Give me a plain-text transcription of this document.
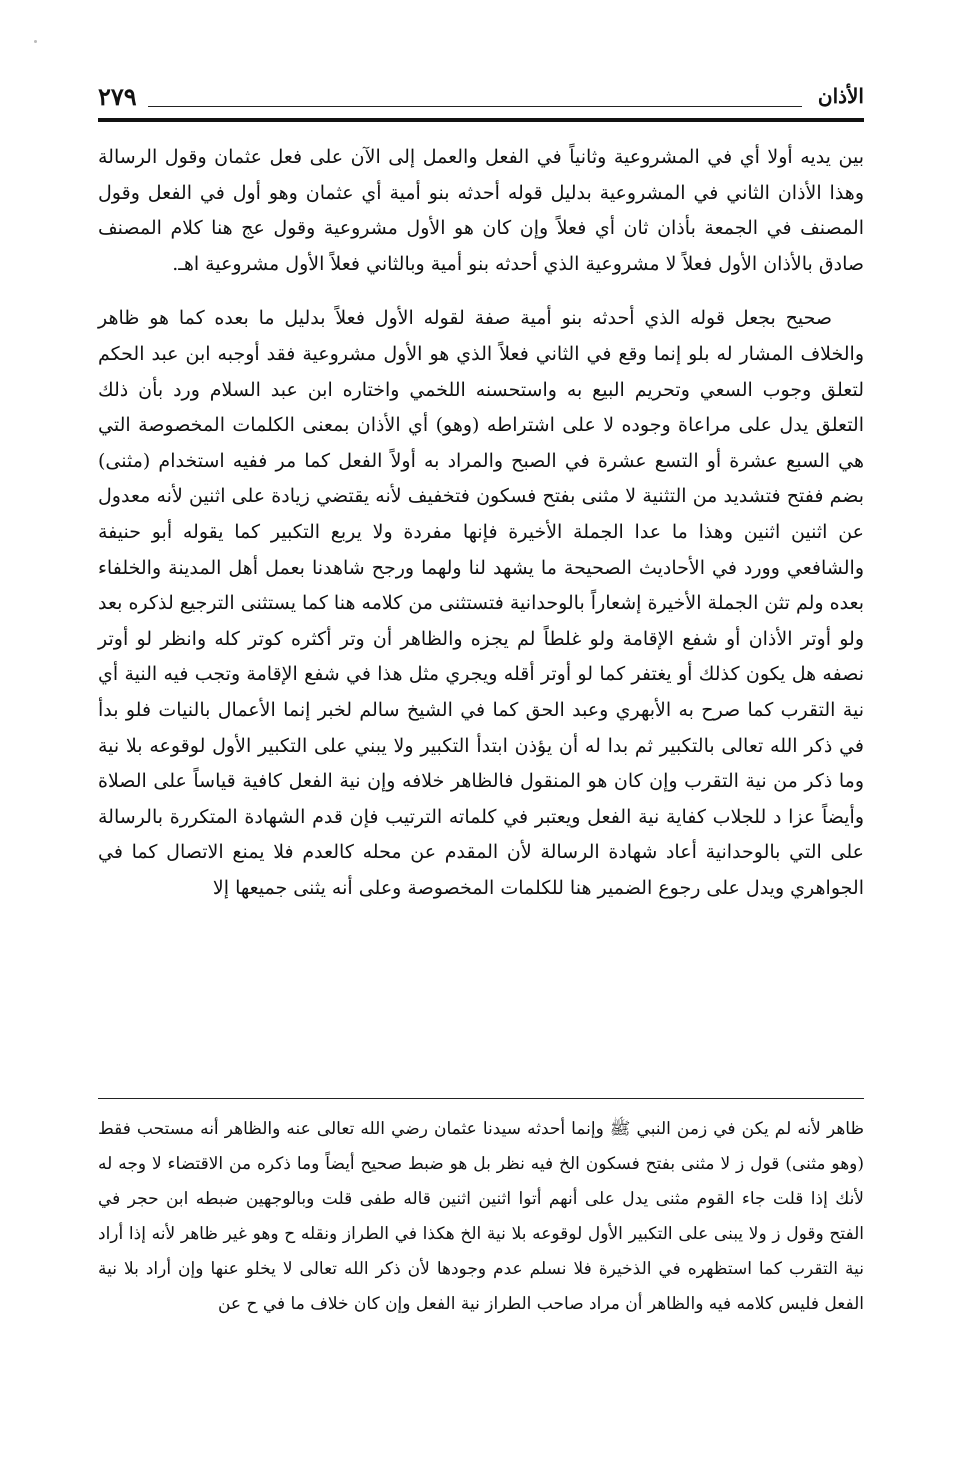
الأذان
٢٧٩

بين يديه أولا أي في المشروعية وثانياً في الفعل والعمل إلى الآن على فعل عثمان وقول الرسالة وهذا الأذان الثاني في المشروعية بدليل قوله أحدثه بنو أمية أي عثمان وهو أول في الفعل وقول المصنف في الجمعة بأذان ثان أي فعلاً وإن كان هو الأول مشروعية وقول عج هنا كلام المصنف صادق بالأذان الأول فعلاً لا مشروعية الذي أحدثه بنو أمية وبالثاني فعلاً الأول مشروعية اهـ.

صحيح بجعل قوله الذي أحدثه بنو أمية صفة لقوله الأول فعلاً بدليل ما بعده كما هو ظاهر والخلاف المشار له بلو إنما وقع في الثاني فعلاً الذي هو الأول مشروعية فقد أوجبه ابن عبد الحكم لتعلق وجوب السعي وتحريم البيع به واستحسنه اللخمي واختاره ابن عبد السلام ورد بأن ذلك التعلق يدل على مراعاة وجوده لا على اشتراطه (وهو) أي الأذان بمعنى الكلمات المخصوصة التي هي السبع عشرة أو التسع عشرة في الصبح والمراد به أولاً الفعل كما مر ففيه استخدام (مثنى) بضم ففتح فتشديد من التثنية لا مثنى بفتح فسكون فتخفيف لأنه يقتضي زيادة على اثنين لأنه معدول عن اثنين اثنين وهذا ما عدا الجملة الأخيرة فإنها مفردة ولا يربع التكبير كما يقوله أبو حنيفة والشافعي وورد في الأحاديث الصحيحة ما يشهد لنا ولهما ورجح شاهدنا بعمل أهل المدينة والخلفاء بعده ولم تثن الجملة الأخيرة إشعاراً بالوحدانية فتستثنى من كلامه هنا كما يستثنى الترجيع لذكره بعد ولو أوتر الأذان أو شفع الإقامة ولو غلطاً لم يجزه والظاهر أن وتر أكثره كوتر كله وانظر لو أوتر نصفه هل يكون كذلك أو يغتفر كما لو أوتر أقله ويجري مثل هذا في شفع الإقامة وتجب فيه النية أي نية التقرب كما صرح به الأبهري وعبد الحق كما في الشيخ سالم لخبر إنما الأعمال بالنيات فلو بدأ في ذكر الله تعالى بالتكبير ثم بدا له أن يؤذن ابتدأ التكبير ولا يبني على التكبير الأول لوقوعه بلا نية وما ذكر من نية التقرب وإن كان هو المنقول فالظاهر خلافه وإن نية الفعل كافية قياساً على الصلاة وأيضاً عزا د للجلاب كفاية نية الفعل ويعتبر في كلماته الترتيب فإن قدم الشهادة المتكررة بالرسالة على التي بالوحدانية أعاد شهادة الرسالة لأن المقدم عن محله كالعدم فلا يمنع الاتصال كما في الجواهري ويدل على رجوع الضمير هنا للكلمات المخصوصة وعلى أنه يثنى جميعها إلا

ظاهر لأنه لم يكن في زمن النبي ﷺ وإنما أحدثه سيدنا عثمان رضي الله تعالى عنه والظاهر أنه مستحب فقط (وهو مثنى) قول ز لا مثنى بفتح فسكون الخ فيه نظر بل هو ضبط صحيح أيضاً وما ذكره من الاقتضاء لا وجه له لأنك إذا قلت جاء القوم مثنى يدل على أنهم أتوا اثنين اثنين قاله طفى قلت وبالوجهين ضبطه ابن حجر في الفتح وقول ز ولا يبنى على التكبير الأول لوقوعه بلا نية الخ هكذا في الطراز ونقله ح وهو غير ظاهر لأنه إذا أراد نية التقرب كما استظهره في الذخيرة فلا نسلم عدم وجودها لأن ذكر الله تعالى لا يخلو عنها وإن أراد بلا نية الفعل فليس كلامه فيه والظاهر أن مراد صاحب الطراز نية الفعل وإن كان خلاف ما في ح عن
